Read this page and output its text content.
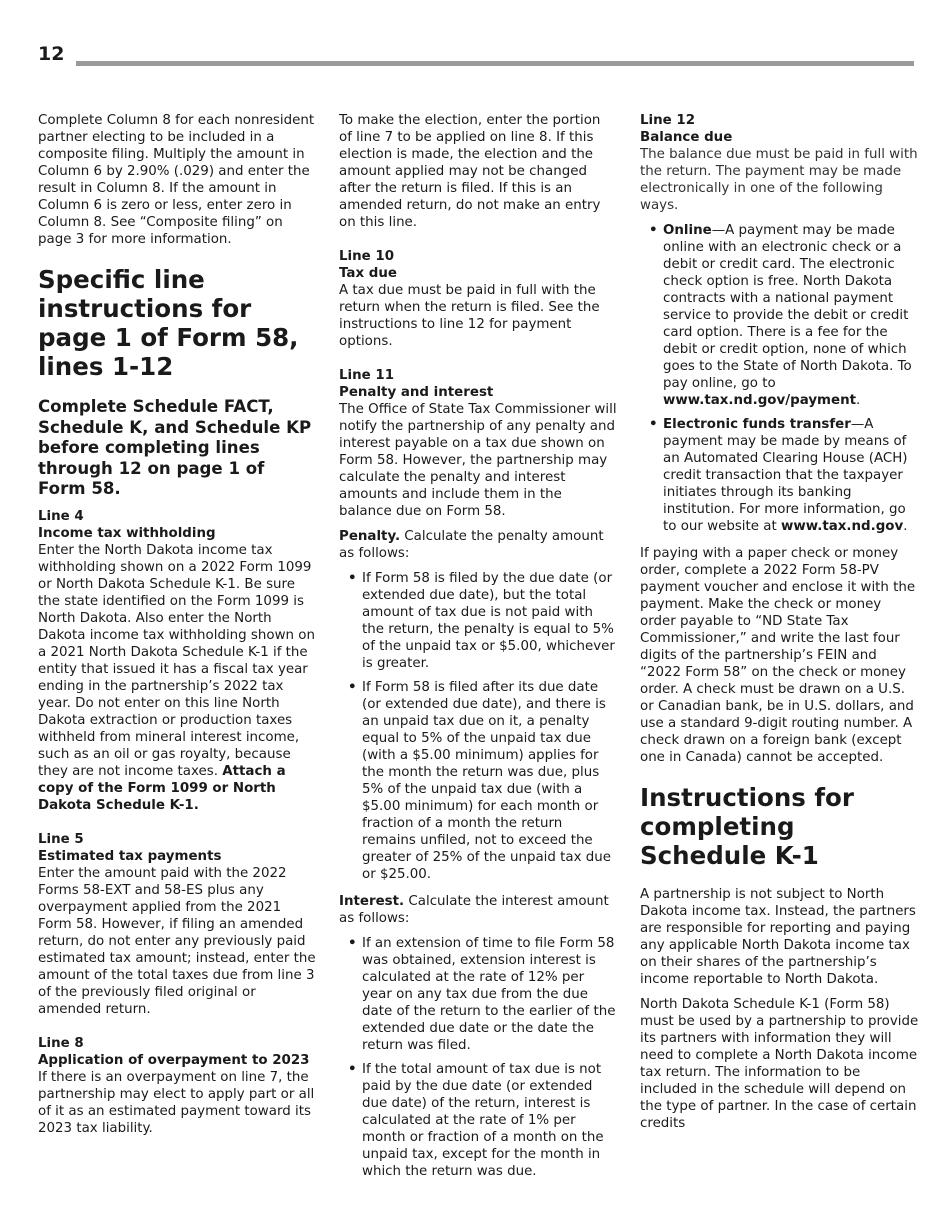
12

Complete Column 8 for each nonresident partner electing to be included in a composite filing. Multiply the amount in Column 6 by 2.90% (.029) and enter the result in Column 8. If the amount in Column 6 is zero or less, enter zero in Column 8. See “Composite filing” on page 3 for more information.

Specific line instructions for page 1 of Form 58, lines 1-12
Complete Schedule FACT, Schedule K, and Schedule KP before completing lines through 12 on page 1 of Form 58.

Line 4
Income tax withholding
Enter the North Dakota income tax withholding shown on a 2022 Form 1099 or North Dakota Schedule K-1. Be sure the state identified on the Form 1099 is North Dakota. Also enter the North Dakota income tax withholding shown on a 2021 North Dakota Schedule K-1 if the entity that issued it has a fiscal tax year ending in the partnership’s 2022 tax year. Do not enter on this line North Dakota extraction or production taxes withheld from mineral interest income, such as an oil or gas royalty, because they are not income taxes. Attach a copy of the Form 1099 or North Dakota Schedule K-1.

Line 5
Estimated tax payments
Enter the amount paid with the 2022 Forms 58-EXT and 58-ES plus any overpayment applied from the 2021 Form 58. However, if filing an amended return, do not enter any previously paid estimated tax amount; instead, enter the amount of the total taxes due from line 3 of the previously filed original or amended return.

Line 8
Application of overpayment to 2023
If there is an overpayment on line 7, the partnership may elect to apply part or all of it as an estimated payment toward its 2023 tax liability.

To make the election, enter the portion of line 7 to be applied on line 8. If this election is made, the election and the amount applied may not be changed after the return is filed. If this is an amended return, do not make an entry on this line.

Line 10
Tax due
A tax due must be paid in full with the return when the return is filed. See the instructions to line 12 for payment options.

Line 11
Penalty and interest
The Office of State Tax Commissioner will notify the partnership of any penalty and interest payable on a tax due shown on Form 58. However, the partnership may calculate the penalty and interest amounts and include them in the balance due on Form 58.

Penalty. Calculate the penalty amount as follows:

• If Form 58 is filed by the due date (or extended due date), but the total amount of tax due is not paid with the return, the penalty is equal to 5% of the unpaid tax or $5.00, whichever is greater.
• If Form 58 is filed after its due date (or extended due date), and there is an unpaid tax due on it, a penalty equal to 5% of the unpaid tax due (with a $5.00 minimum) applies for the month the return was due, plus 5% of the unpaid tax due (with a $5.00 minimum) for each month or fraction of a month the return remains unfiled, not to exceed the greater of 25% of the unpaid tax due or $25.00.

Interest. Calculate the interest amount as follows:

• If an extension of time to file Form 58 was obtained, extension interest is calculated at the rate of 12% per year on any tax due from the due date of the return to the earlier of the extended due date or the date the return was filed.
• If the total amount of tax due is not paid by the due date (or extended due date) of the return, interest is calculated at the rate of 1% per month or fraction of a month on the unpaid tax, except for the month in which the return was due.

Line 12
Balance due
The balance due must be paid in full with the return. The payment may be made electronically in one of the following ways.

• Online—A payment may be made online with an electronic check or a debit or credit card. The electronic check option is free. North Dakota contracts with a national payment service to provide the debit or credit card option. There is a fee for the debit or credit option, none of which goes to the State of North Dakota. To pay online, go to www.tax.nd.gov/payment.
• Electronic funds transfer—A payment may be made by means of an Automated Clearing House (ACH) credit transaction that the taxpayer initiates through its banking institution. For more information, go to our website at www.tax.nd.gov.

If paying with a paper check or money order, complete a 2022 Form 58-PV payment voucher and enclose it with the payment. Make the check or money order payable to “ND State Tax Commissioner,” and write the last four digits of the partnership’s FEIN and “2022 Form 58” on the check or money order. A check must be drawn on a U.S. or Canadian bank, be in U.S. dollars, and use a standard 9-digit routing number. A check drawn on a foreign bank (except one in Canada) cannot be accepted.

Instructions for completing Schedule K-1

A partnership is not subject to North Dakota income tax. Instead, the partners are responsible for reporting and paying any applicable North Dakota income tax on their shares of the partnership’s income reportable to North Dakota.

North Dakota Schedule K-1 (Form 58) must be used by a partnership to provide its partners with information they will need to complete a North Dakota income tax return. The information to be included in the schedule will depend on the type of partner. In the case of certain credits
